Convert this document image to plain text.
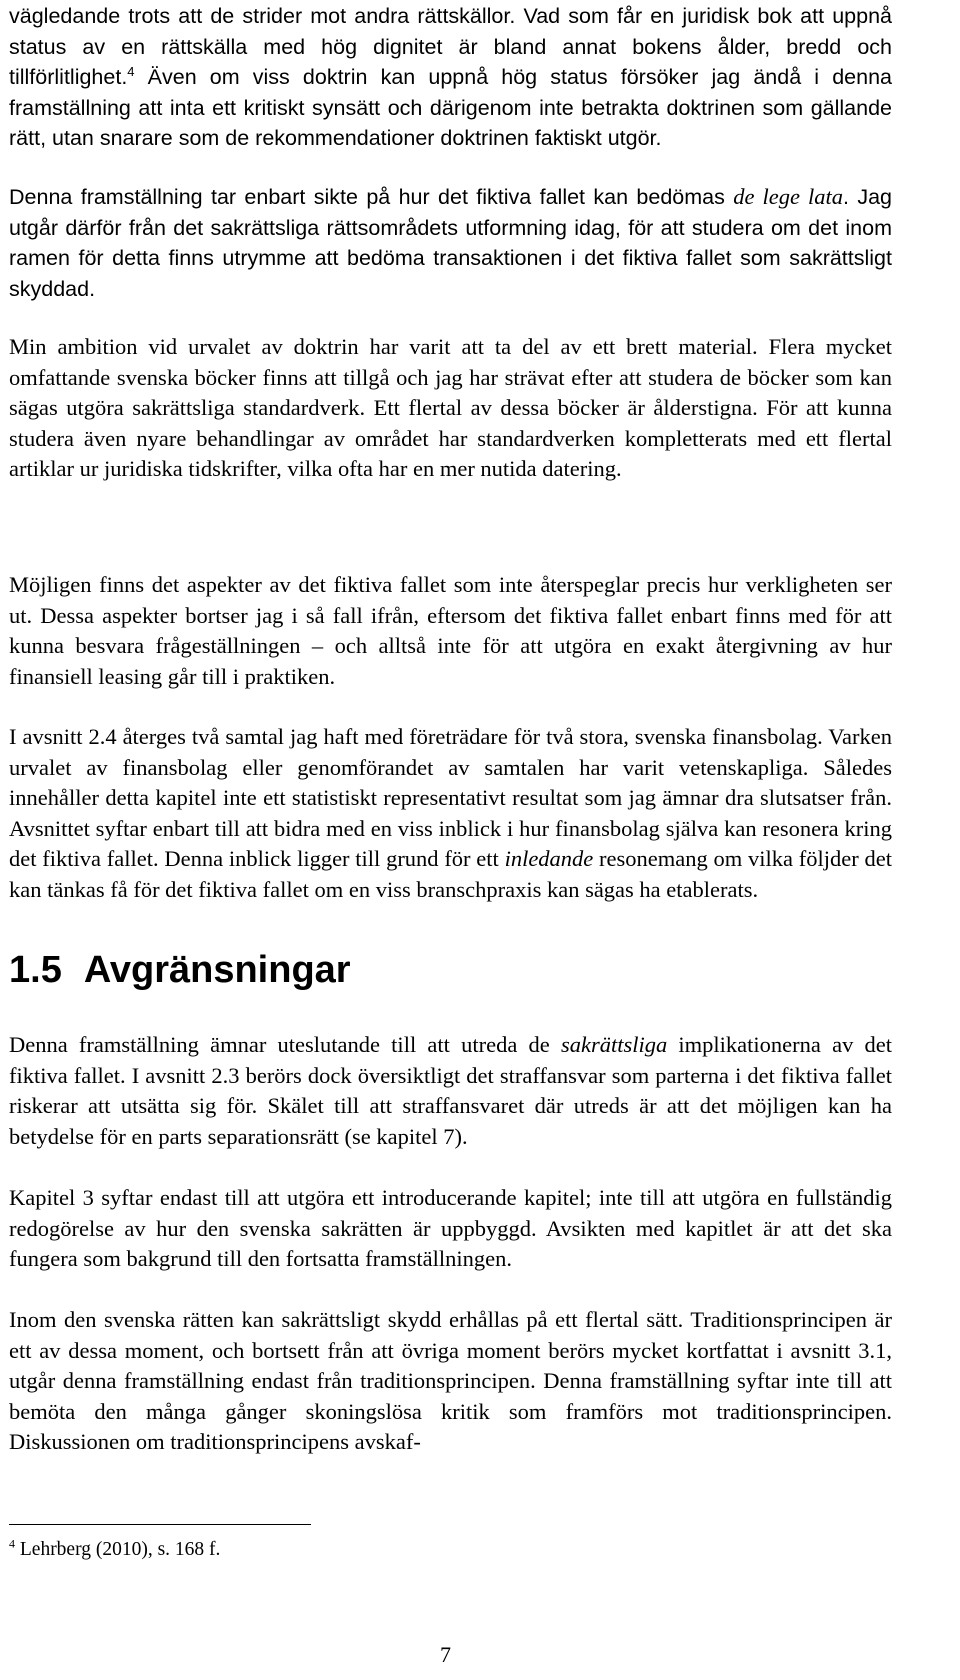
vägledande trots att de strider mot andra rättskällor. Vad som får en juridisk bok att uppnå status av en rättskälla med hög dignitet är bland annat bokens ålder, bredd och tillförlitlighet.$^4$ Även om viss doktrin kan uppnå hög status försöker jag ändå i denna framställning att inta ett kritiskt synsätt och därigenom inte betrakta doktrinen som gällande rätt, utan snarare som de rekommendationer doktrinen faktiskt utgör.

Denna framställning tar enbart sikte på hur det fiktiva fallet kan bedömas de lege lata. Jag utgår därför från det sakrättsliga rättsområdets utformning idag, för att studera om det inom ramen för detta finns utrymme att bedöma transaktionen i det fiktiva fallet som sakrättsligt skyddad.

Min ambition vid urvalet av doktrin har varit att ta del av ett brett material. Flera mycket omfattande svenska böcker finns att tillgå och jag har strävat efter att studera de böcker som kan sägas utgöra sakrättsliga standardverk. Ett flertal av dessa böcker är ålderstigna. För att kunna studera även nyare behandlingar av området har standardverken kompletterats med ett flertal artiklar ur juridiska tidskrifter, vilka ofta har en mer nutida datering.

Möjligen finns det aspekter av det fiktiva fallet som inte återspeglar precis hur verkligheten ser ut. Dessa aspekter bortser jag i så fall ifrån, eftersom det fiktiva fallet enbart finns med för att kunna besvara frågeställningen – och alltså inte för att utgöra en exakt återgivning av hur finansiell leasing går till i praktiken.

I avsnitt 2.4 återges två samtal jag haft med företrädare för två stora, svenska finansbolag. Varken urvalet av finansbolag eller genomförandet av samtalen har varit vetenskapliga. Således innehåller detta kapitel inte ett statistiskt representativt resultat som jag ämnar dra slutsatser från. Avsnittet syftar enbart till att bidra med en viss inblick i hur finansbolag själva kan resonera kring det fiktiva fallet. Denna inblick ligger till grund för ett inledande resonemang om vilka följder det kan tänkas få för det fiktiva fallet om en viss branschpraxis kan sägas ha etablerats.

1.5 Avgränsningar

Denna framställning ämnar uteslutande till att utreda de sakrättsliga implikationerna av det fiktiva fallet. I avsnitt 2.3 berörs dock översiktligt det straffansvar som parterna i det fiktiva fallet riskerar att utsätta sig för. Skälet till att straffansvaret där utreds är att det möjligen kan ha betydelse för en parts separationsrätt (se kapitel 7).

Kapitel 3 syftar endast till att utgöra ett introducerande kapitel; inte till att utgöra en fullständig redogörelse av hur den svenska sakrätten är uppbyggd. Avsikten med kapitlet är att det ska fungera som bakgrund till den fortsatta framställningen.

Inom den svenska rätten kan sakrättsligt skydd erhållas på ett flertal sätt. Traditionsprincipen är ett av dessa moment, och bortsett från att övriga moment berörs mycket kortfattat i avsnitt 3.1, utgår denna framställning endast från traditionsprincipen. Denna framställning syftar inte till att bemöta den många gånger skoningslösa kritik som framförs mot traditionsprincipen. Diskussionen om traditionsprincipens avskaf-

$^4$ Lehrberg (2010), s. 168 f.
7
